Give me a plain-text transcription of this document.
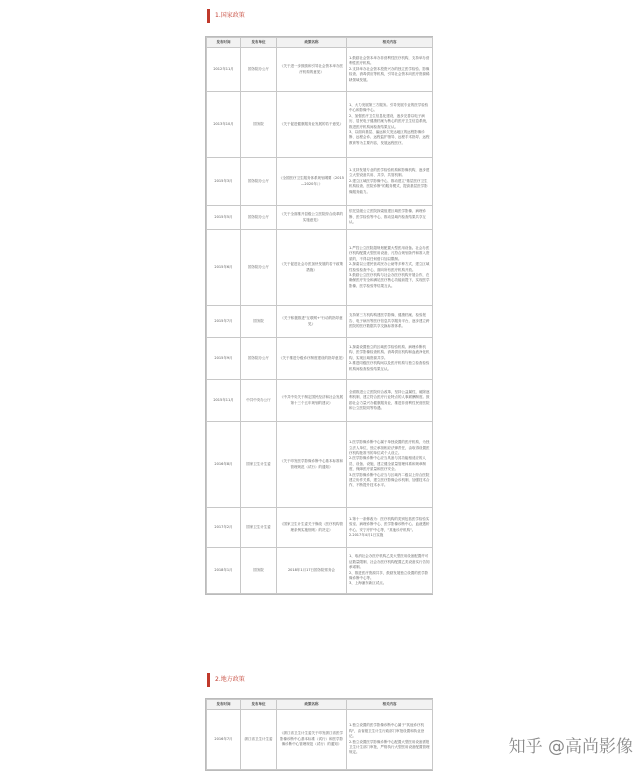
1.国家政策
发布时间	发布单位	政策名称	相关内容
2012年11月	国务院办公厅	《关于进一步鼓励和引导社会资本举办医疗机构的意见》	1.鼓励社会资本举办非营利性医疗机构，支持举办营利性医疗机构。
2.支持举办社会资本投资兴办的独立医学检验、影像检查、消毒供应等机构，引导社会资本向医疗资源稀缺领域发展。
2013年10月	国务院	《关于促进健康服务业发展的若干意见》	1、大力发展第三方服务。引导发展专业的医学检验中心和影像中心。
2、加强医疗卫生信息化建设，逐步完善以电子病历、居民电子健康档案为核心的医疗卫生信息系统，推进医疗机构间检查结果互认。
3、以面向基层、偏远和欠发达地区的远程影像诊断、远程会诊、远程监护指导、远程手术指导、远程教育等为主要内容，发展远程医疗。
2015年3月	国务院办公厅	《全国医疗卫生服务体系规划纲要（2015—2020年）》	1.支持发展专业的医学检验机构和影像机构，逐步建立大型设备共用、共享、共管机制。
2.建立区域医学影像中心，推动建立"基层医疗卫生机构检查、医院诊断"的服务模式，提高基层医学影像服务能力。
2015年5月	国务院办公厅	《关于全面推开县级公立医院综合改革的实施意见》	依托县级公立医院探索组建区域医学影像、病理诊断、医学检验等中心，推动县域内检查结果共享互认。
2015年6月	国务院办公厅	《关于促进社会办医加快发展的若干政策措施》	1.严控公立医院超规划配置大型医用设备。社会办医疗机构配置大型医用设备，凡符合规划条件和准入资质的，不得以任何借口加以限制。
2.探索以公建民营或民办公助等多种方式，建立区域性检验检查中心，面向所有医疗机构开放。
3.鼓励公立医疗机构与社会办医疗机构开展合作，在确保医疗安全和满足医疗核心功能前提下，实现医学影像、医学检验等结果互认。
2015年7月	国务院	《关于积极推进"互联网+"行动的指导意见》	支持第三方机构构建医学影像、健康档案、检验报告、电子病历等医疗信息共享服务平台，逐步建立跨医院的医疗数据共享交换标准体系。
2015年9月	国务院办公厅	《关于推进分级诊疗制度建设的指导意见》	1.探索设置独立的区域医学检验机构、病理诊断机构、医学影像检查机构、消毒供应机构和血液净化机构，实现区域资源共享。
2.推进同级医疗机构间以及医疗机构与独立检查检验机构间检查检验结果互认。
2015年11月	中共中央办公厅	《中共中央关于制定国民经济和社会发展第十三个五年规划的建议》	全面推进公立医院综合改革，坚持公益属性，破除逐利机制，建立符合医疗行业特点的人事薪酬制度。鼓励社会力量兴办健康服务业，推进非营利性民营医院和公立医院同等待遇。
2016年8月	国家卫生计生委	《关于印发医学影像诊断中心基本标准和管理规范（试行）的通知》	1.医学影像诊断中心属于单独设置的医疗机构，为独立法人单位，独立承担相应法律责任，由取得设置医疗机构批准书的单位或个人设立。
2.医学影像诊断中心应当具备与其功能相适应的人员、设备、设施，建立健全质量管理体系和规章制度，保障医疗质量和医疗安全。
3.医学影像诊断中心应当与区域内二级以上综合医院建立协作关系，建立医疗影像会诊机制，加强技术合作，不断提升技术水平。
2017年2月	国家卫生计生委	《国家卫生计生委关于修改〈医疗机构管理条例实施细则〉的决定》	1.第十一条修改为：医疗机构的类别包括医学检验实验室、病理诊断中心、医学影像诊断中心、血液透析中心、安宁疗护中心等，"其他诊疗机构"。
2.2017年4月1日实施
2018年1月	国务院	2018年1月17日国务院常务会	1、取消社会办医疗机构乙类大型医用设备配置许可证数量限制，社会办医疗机构配置乙类设备实行告知承诺制。
2、推进医疗资源共享，鼓励发展独立设置的医学影像诊断中心等。
3、上海浦东新区试点。
2.地方政策
发布时间	发布单位	政策名称	相关内容
2016年7月	浙江省卫生计生委	《浙江省卫生计生委关于印发浙江省医学影像诊断中心基本标准（试行）和医学影像诊断中心管理规范（试行）的通知》	1.独立设置的医学影像诊断中心属于"其他诊疗机构"，由省级卫生计生行政部门审批设置和执业登记。
2.独立设置医学影像诊断中心配置大型医用设备需报卫生计生部门审批，严格执行大型医用设备配置管理规定。	知乎 @高尚影像
